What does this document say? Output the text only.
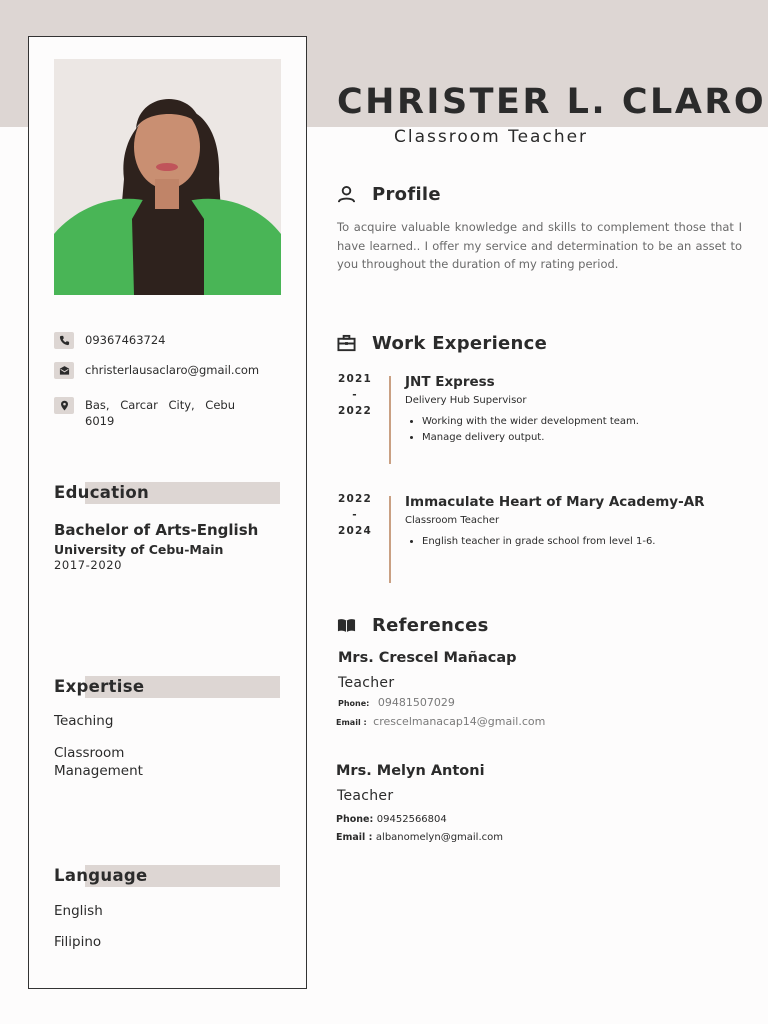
09367463724
christerlausaclaro@gmail.com
Bas, Carcar City, Cebu 6019
Education
Bachelor of Arts-English
University of Cebu-Main
2017-2020
Expertise
Teaching
Classroom Management
Language
English
Filipino
CHRISTER L. CLARO
Classroom Teacher
Profile
To acquire valuable knowledge and skills to complement those that I have learned.. I offer my service and determination to be an asset to you throughout the duration of my rating period.
Work Experience
2021
-
2022
JNT Express
Delivery Hub Supervisor
• Working with the wider development team.
• Manage delivery output.
2022
-
2024
Immaculate Heart of Mary Academy-AR
Classroom Teacher
• English teacher in grade school from level 1-6.
References
Mrs. Crescel Mañacap
Teacher
Phone: 09481507029
Email : crescelmanacap14@gmail.com
Mrs. Melyn Antoni
Teacher
Phone: 09452566804
Email : albanomelyn@gmail.com
